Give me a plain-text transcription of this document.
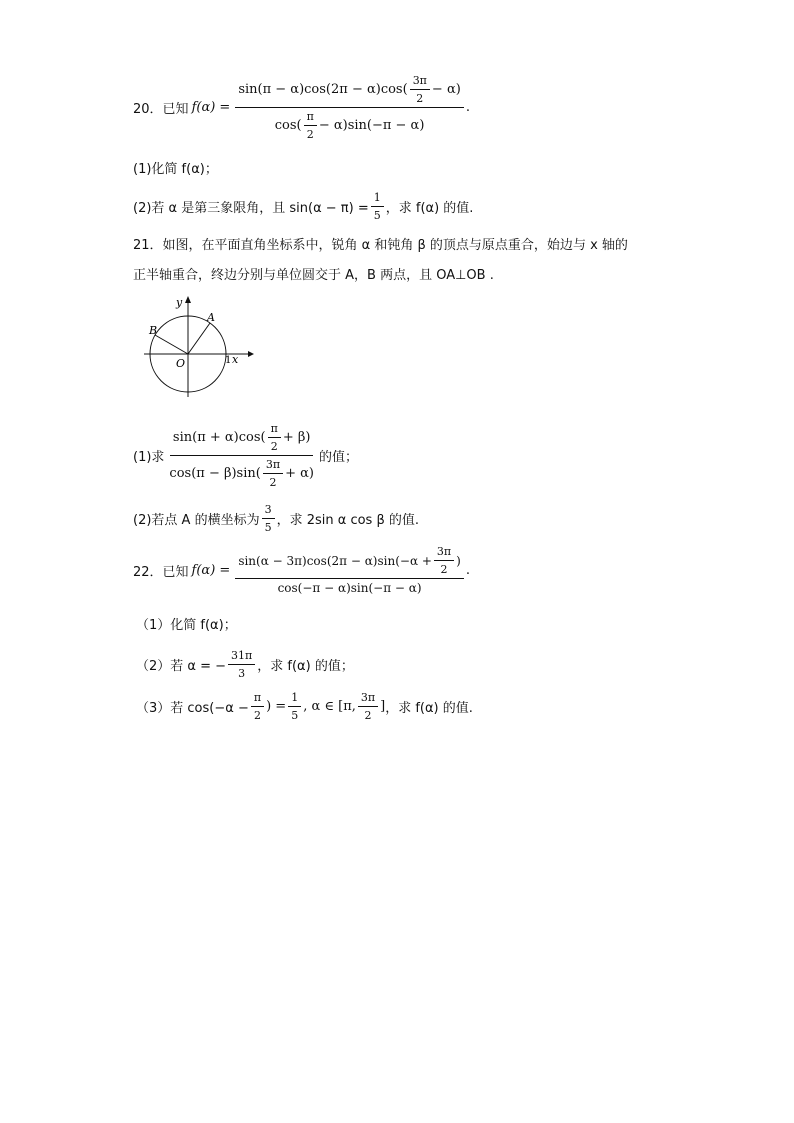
20． 已知 $f(\alpha) = \frac{\sin(\pi - \alpha)\cos(2\pi - \alpha)\cos( \frac{3\pi}{2} - \alpha)}{\cos( \frac{\pi}{2} - \alpha)\sin(-\pi - \alpha)}$ .
(1)化简 f(α)；
(2)若 α 是第三象限角，且 $\sin(\alpha - \pi) = \frac{1}{5}$ ，求 f(α) 的值.
21．如图，在平面直角坐标系中，锐角 α 和钝角 β 的顶点与原点重合，始边与 x 轴的
正半轴重合，终边分别与单位圆交于 A，B 两点，且 OA⊥OB .
y
x
O
A
B
1
(1)求 $\frac{\sin(\pi + \alpha)\cos( \frac{\pi}{2} + \beta)}{\cos(\pi - \beta)\sin( \frac{3\pi}{2} + \alpha)}$ 的值；
(2)若点 A 的横坐标为 $\frac{3}{5}$ ，求 2sin α cos β 的值.
22．已知 $f(\alpha) = \frac{\sin(\alpha - 3\pi)\cos(2\pi - \alpha)\sin(-\alpha + \frac{3\pi}{2} )}{\cos(-\pi - \alpha)\sin(-\pi - \alpha)}$ .
（1）化简 f(α)；
（2）若 α = − $\frac{31\pi}{3}$ ，求 f(α) 的值；
（3）若 $\cos(-\alpha - \frac{\pi}{2}$ ) = $\frac{1}{5}$ , α ∈ [π, $\frac{3\pi}{2}$ ] ，求 f(α) 的值.
